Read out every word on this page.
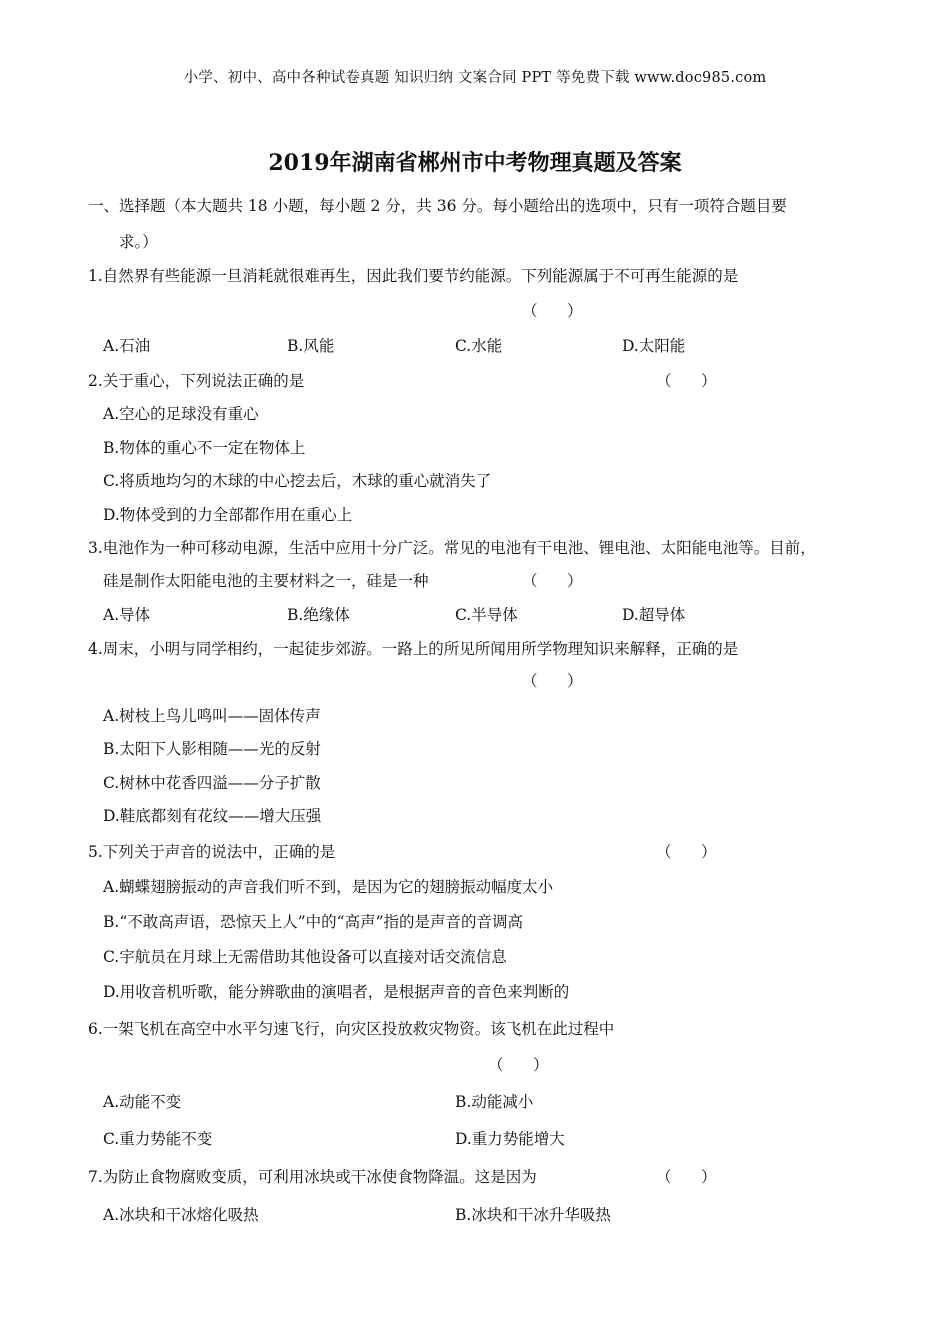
小学、初中、高中各种试卷真题 知识归纳 文案合同 PPT 等免费下载 www.doc985.com
2019年湖南省郴州市中考物理真题及答案
一、选择题（本大题共 18 小题，每小题 2 分，共 36 分。每小题给出的选项中，只有一项符合题目要
求。）
1.自然界有些能源一旦消耗就很难再生，因此我们要节约能源。下列能源属于不可再生能源的是
（      ）
A.石油	B.风能	C.水能	D.太阳能
2.关于重心，下列说法正确的是	（      ）
A.空心的足球没有重心
B.物体的重心不一定在物体上
C.将质地均匀的木球的中心挖去后，木球的重心就消失了
D.物体受到的力全部都作用在重心上
3.电池作为一种可移动电源，生活中应用十分广泛。常见的电池有干电池、锂电池、太阳能电池等。目前，
硅是制作太阳能电池的主要材料之一，硅是一种	（      ）
A.导体	B.绝缘体	C.半导体	D.超导体
4.周末，小明与同学相约，一起徒步郊游。一路上的所见所闻用所学物理知识来解释，正确的是
（      ）
A.树枝上鸟儿鸣叫——固体传声
B.太阳下人影相随——光的反射
C.树林中花香四溢——分子扩散
D.鞋底都刻有花纹——增大压强
5.下列关于声音的说法中，正确的是	（      ）
A.蝴蝶翅膀振动的声音我们听不到，是因为它的翅膀振动幅度太小
B.“不敢高声语，恐惊天上人”中的“高声”指的是声音的音调高
C.宇航员在月球上无需借助其他设备可以直接对话交流信息
D.用收音机听歌，能分辨歌曲的演唱者，是根据声音的音色来判断的
6.一架飞机在高空中水平匀速飞行，向灾区投放救灾物资。该飞机在此过程中
（      ）
A.动能不变	B.动能减小
C.重力势能不变	D.重力势能增大
7.为防止食物腐败变质，可利用冰块或干冰使食物降温。这是因为	（      ）
A.冰块和干冰熔化吸热	B.冰块和干冰升华吸热
